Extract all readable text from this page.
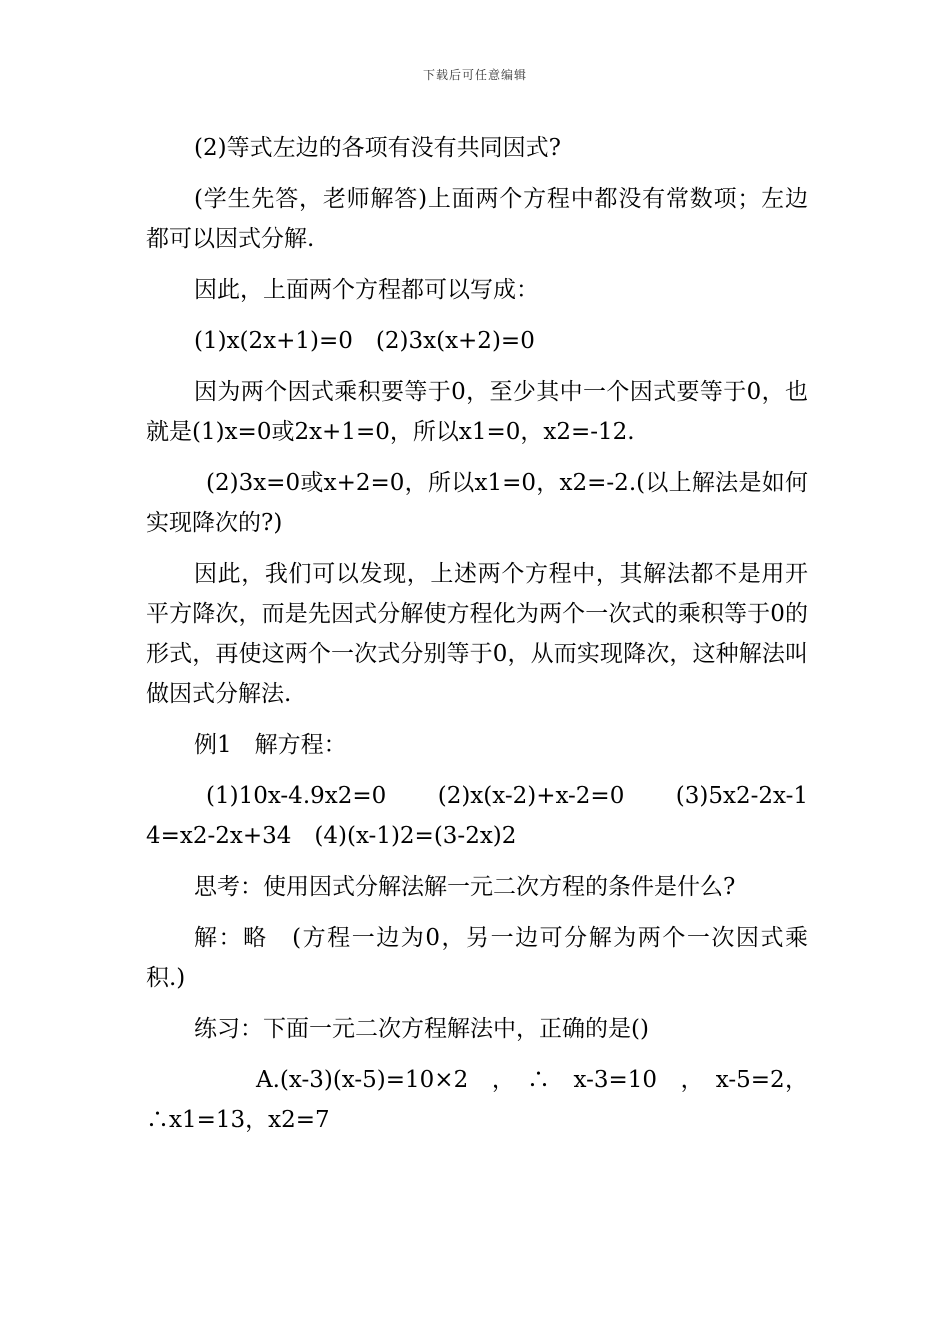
下载后可任意编辑

(2)等式左边的各项有没有共同因式?

(学生先答，老师解答)上面两个方程中都没有常数项；左边都可以因式分解.

因此，上面两个方程都可以写成：

(1)x(2x+1)=0　(2)3x(x+2)=0

因为两个因式乘积要等于0，至少其中一个因式要等于0，也就是(1)x=0或2x+1=0，所以x1=0，x2=-12.

(2)3x=0或x+2=0，所以x1=0，x2=-2.(以上解法是如何实现降次的?)

因此，我们可以发现，上述两个方程中，其解法都不是用开平方降次，而是先因式分解使方程化为两个一次式的乘积等于0的形式，再使这两个一次式分别等于0，从而实现降次，这种解法叫做因式分解法.

例1　解方程：

(1)10x-4.9x2=0　　(2)x(x-2)+x-2=0　　(3)5x2-2x-14=x2-2x+34　(4)(x-1)2=(3-2x)2

思考：使用因式分解法解一元二次方程的条件是什么?

解：略　(方程一边为0，另一边可分解为两个一次因式乘积.)

练习：下面一元二次方程解法中，正确的是()

A.(x-3)(x-5)=10×2　，　∴　x-3=10　，　x-5=2，∴x1=13，x2=7
